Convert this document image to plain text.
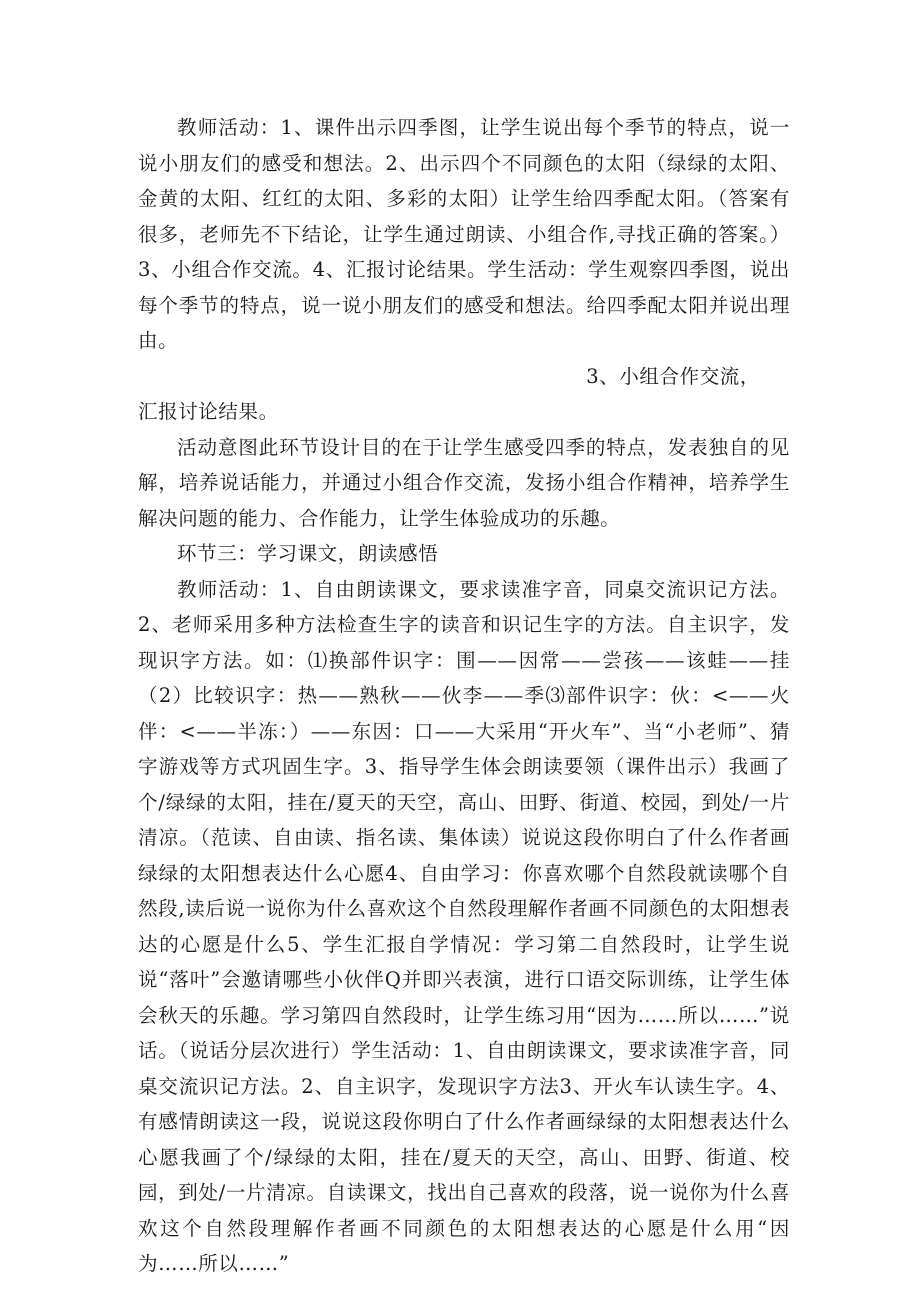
教师活动：1、课件出示四季图，让学生说出每个季节的特点，说一说小朋友们的感受和想法。2、出示四个不同颜色的太阳（绿绿的太阳、金黄的太阳、红红的太阳、多彩的太阳）让学生给四季配太阳。（答案有很多，老师先不下结论，让学生通过朗读、小组合作,寻找正确的答案。）3、小组合作交流。4、汇报讨论结果。学生活动：学生观察四季图，说出每个季节的特点，说一说小朋友们的感受和想法。给四季配太阳并说出理由。

3、小组合作交流，

汇报讨论结果。

活动意图此环节设计目的在于让学生感受四季的特点，发表独自的见解，培养说话能力，并通过小组合作交流，发扬小组合作精神，培养学生解决问题的能力、合作能力，让学生体验成功的乐趣。

环节三：学习课文，朗读感悟

教师活动：1、自由朗读课文，要求读准字音，同桌交流识记方法。2、老师采用多种方法检查生字的读音和识记生字的方法。自主识字，发现识字方法。如：⑴换部件识字：围——因常——尝孩——该蛙——挂（2）比较识字：热——熟秋——伙李——季⑶部件识字：伙：<——火伴：<——半冻：）——东因：口——大采用“开火车”、当“小老师”、猜字游戏等方式巩固生字。3、指导学生体会朗读要领（课件出示）我画了个/绿绿的太阳，挂在/夏天的天空，高山、田野、街道、校园，到处/一片清凉。（范读、自由读、指名读、集体读）说说这段你明白了什么作者画绿绿的太阳想表达什么心愿4、自由学习：你喜欢哪个自然段就读哪个自然段,读后说一说你为什么喜欢这个自然段理解作者画不同颜色的太阳想表达的心愿是什么5、学生汇报自学情况：学习第二自然段时，让学生说说“落叶”会邀请哪些小伙伴Q并即兴表演，进行口语交际训练，让学生体会秋天的乐趣。学习第四自然段时，让学生练习用“因为……所以……”说话。（说话分层次进行）学生活动：1、自由朗读课文，要求读准字音，同桌交流识记方法。2、自主识字，发现识字方法3、开火车认读生字。4、有感情朗读这一段，说说这段你明白了什么作者画绿绿的太阳想表达什么心愿我画了个/绿绿的太阳，挂在/夏天的天空，高山、田野、街道、校园，到处/一片清凉。自读课文，找出自己喜欢的段落，说一说你为什么喜欢这个自然段理解作者画不同颜色的太阳想表达的心愿是什么用“因为……所以……”
